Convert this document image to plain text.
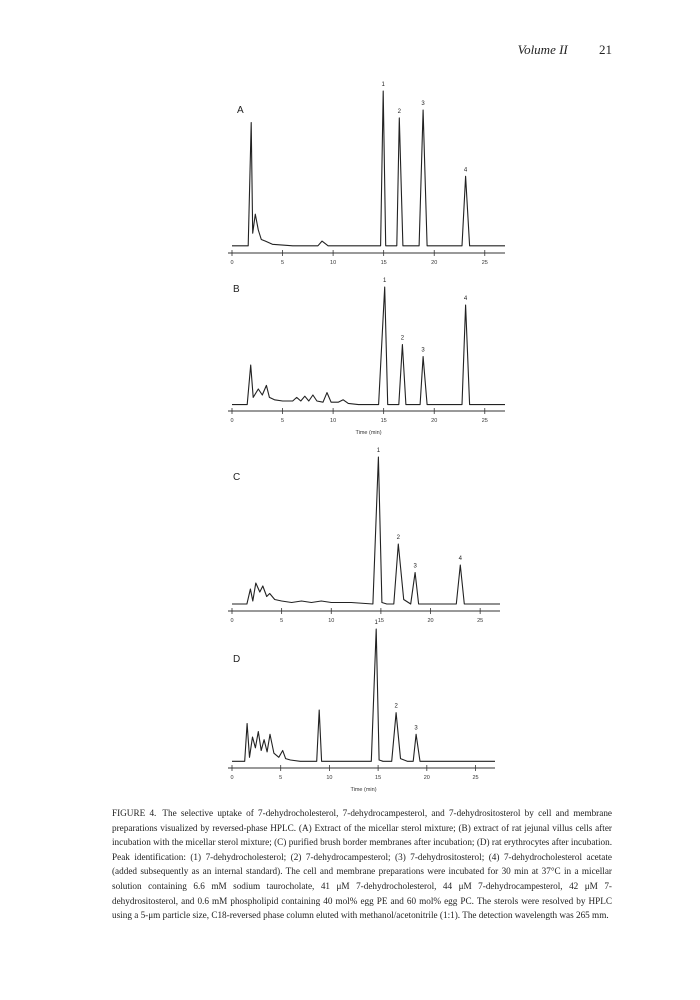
Volume II 21
A
0	5	10	15	20	25
1
2
3
4
B
0	5	10	15	20	25
Time (min)
1
2
3
4
C
0	5	10	15	20	25
1
2
3
4
D
0	5	10	15	20	25
Time (min)
1
2
3
FIGURE 4. The selective uptake of 7-dehydrocholesterol, 7-dehydrocampesterol, and 7-dehydrositosterol by cell and membrane preparations visualized by reversed-phase HPLC. (A) Extract of the micellar sterol mixture; (B) extract of rat jejunal villus cells after incubation with the micellar sterol mixture; (C) purified brush border membranes after incubation; (D) rat erythrocytes after incubation. Peak identification: (1) 7-dehydrocholesterol; (2) 7-dehydrocampesterol; (3) 7-dehydrositosterol; (4) 7-dehydrocholesterol acetate (added subsequently as an internal standard). The cell and membrane preparations were incubated for 30 min at 37°C in a micellar solution containing 6.6 mM sodium taurocholate, 41 μM 7-dehydrocholesterol, 44 μM 7-dehydrocampesterol, 42 μM 7-dehydrositosterol, and 0.6 mM phospholipid containing 40 mol% egg PE and 60 mol% egg PC. The sterols were resolved by HPLC using a 5-μm particle size, C18-reversed phase column eluted with methanol/acetonitrile (1:1). The detection wavelength was 265 mm.
